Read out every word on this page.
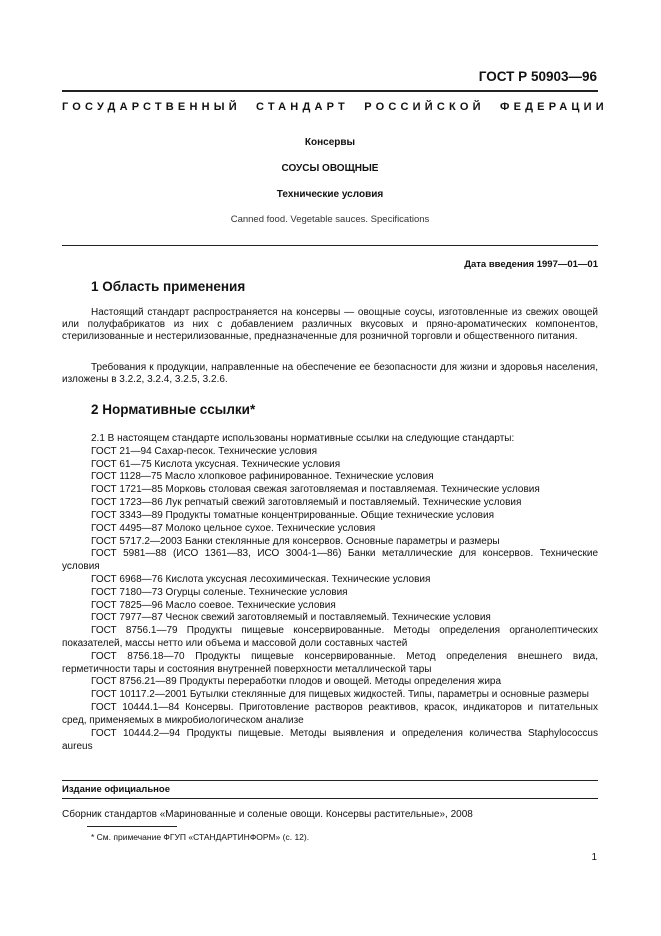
ГОСТ Р 50903—96
ГОСУДАРСТВЕННЫЙ СТАНДАРТ РОССИЙСКОЙ ФЕДЕРАЦИИ
Консервы
СОУСЫ ОВОЩНЫЕ
Технические условия
Canned food. Vegetable sauces. Specifications
Дата введения 1997—01—01
1 Область применения

Настоящий стандарт распространяется на консервы — овощные соусы, изготовленные из свежих овощей или полуфабрикатов из них с добавлением различных вкусовых и пряно-ароматических компонентов, стерилизованные и нестерилизованные, предназначенные для розничной торговли и общественного питания.

Требования к продукции, направленные на обеспечение ее безопасности для жизни и здоровья населения, изложены в 3.2.2, 3.2.4, 3.2.5, 3.2.6.

2 Нормативные ссылки*

2.1 В настоящем стандарте использованы нормативные ссылки на следующие стандарты:

ГОСТ 21—94 Сахар-песок. Технические условия

ГОСТ 61—75 Кислота уксусная. Технические условия

ГОСТ 1128—75 Масло хлопковое рафинированное. Технические условия

ГОСТ 1721—85 Морковь столовая свежая заготовляемая и поставляемая. Технические условия

ГОСТ 1723—86 Лук репчатый свежий заготовляемый и поставляемый. Технические условия

ГОСТ 3343—89 Продукты томатные концентрированные. Общие технические условия

ГОСТ 4495—87 Молоко цельное сухое. Технические условия

ГОСТ 5717.2—2003 Банки стеклянные для консервов. Основные параметры и размеры

ГОСТ 5981—88 (ИСО 1361—83, ИСО 3004-1—86) Банки металлические для консервов. Технические условия

ГОСТ 6968—76 Кислота уксусная лесохимическая. Технические условия

ГОСТ 7180—73 Огурцы соленые. Технические условия

ГОСТ 7825—96 Масло соевое. Технические условия

ГОСТ 7977—87 Чеснок свежий заготовляемый и поставляемый. Технические условия

ГОСТ 8756.1—79 Продукты пищевые консервированные. Методы определения органолептических показателей, массы нетто или объема и массовой доли составных частей

ГОСТ 8756.18—70 Продукты пищевые консервированные. Метод определения внешнего вида, герметичности тары и состояния внутренней поверхности металлической тары

ГОСТ 8756.21—89 Продукты переработки плодов и овощей. Методы определения жира

ГОСТ 10117.2—2001 Бутылки стеклянные для пищевых жидкостей. Типы, параметры и основные размеры

ГОСТ 10444.1—84 Консервы. Приготовление растворов реактивов, красок, индикаторов и питательных сред, применяемых в микробиологическом анализе

ГОСТ 10444.2—94 Продукты пищевые. Методы выявления и определения количества Staphylococcus aureus

Издание официальное
Сборник стандартов «Маринованные и соленые овощи. Консервы растительные», 2008
* См. примечание ФГУП «СТАНДАРТИНФОРМ» (с. 12).
1
